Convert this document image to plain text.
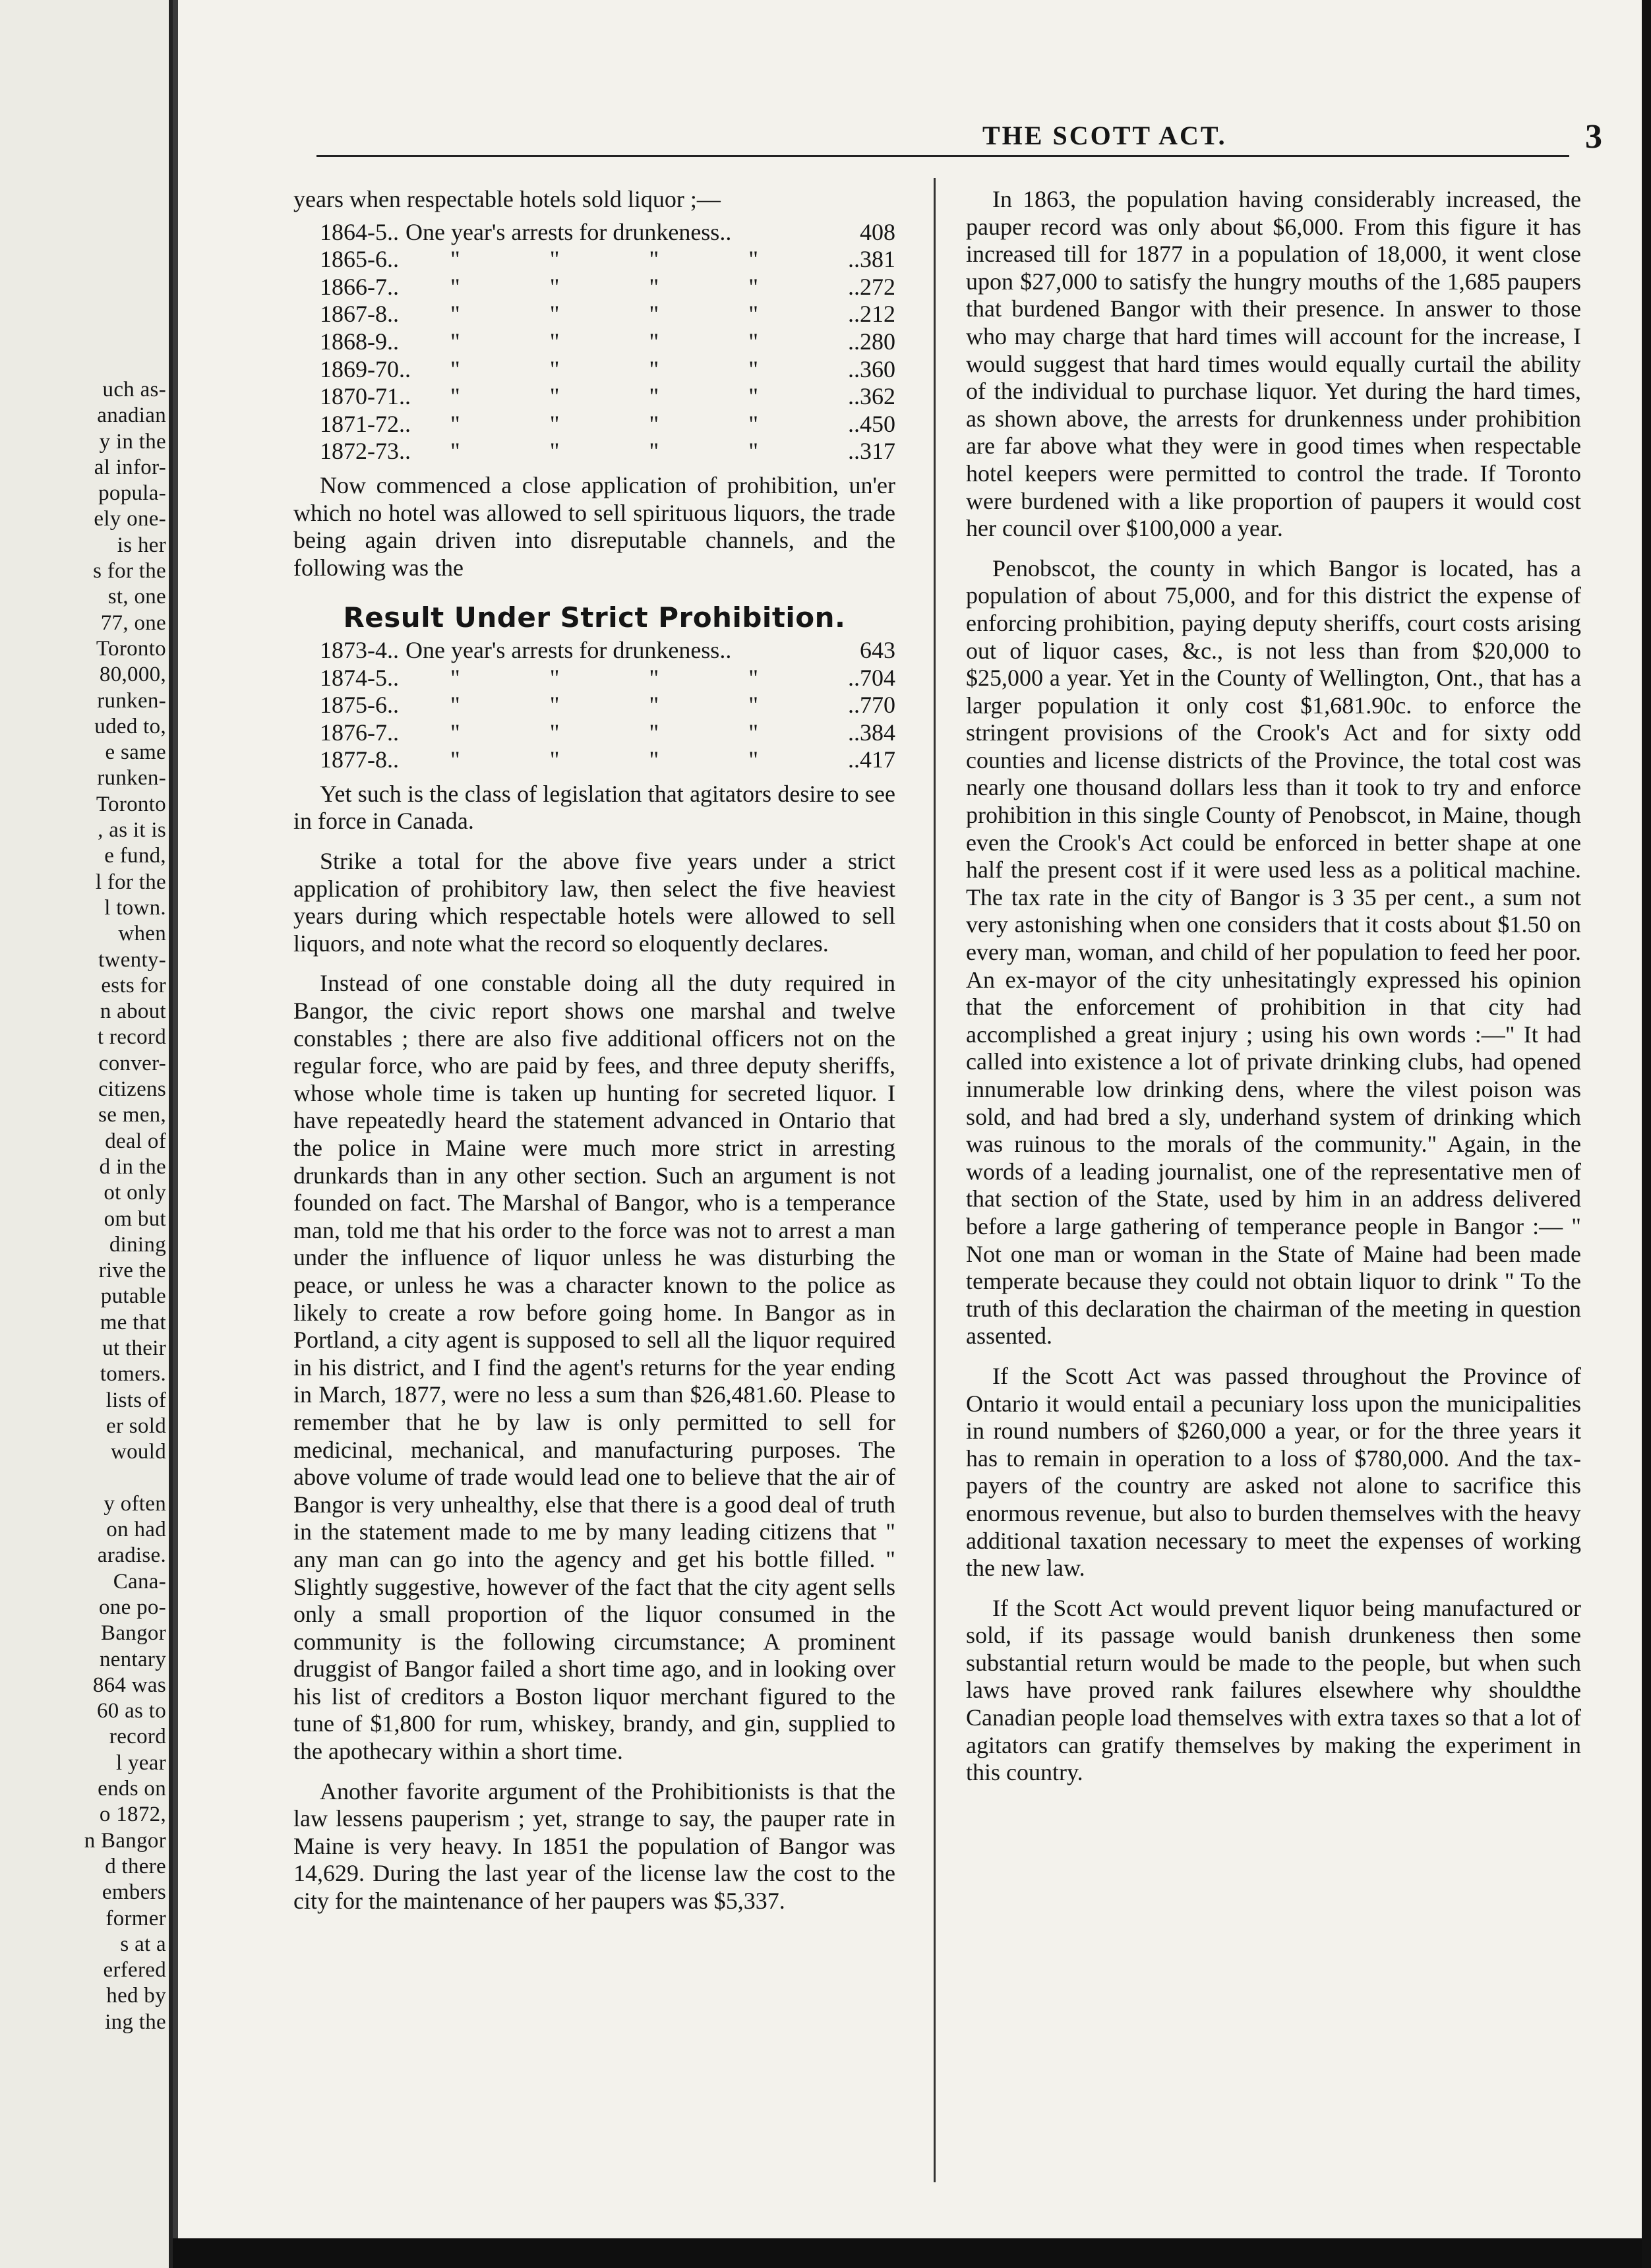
uch as-
anadian
y in the
al infor-
popula-
ely one-
is her
s for the
st, one
77, one
Toronto
80,000,
runken-
uded to,
e same
runken-
Toronto
, as it is
e fund,
l for the
l town.
when
twenty-
ests for
n about
t record
conver-
citizens
se men,
deal of
d in the
ot only
om but
dining
rive the
putable
me that
ut their
tomers.
lists of
er sold
would
y often
on had
aradise.
Cana-
one po-
Bangor
nentary
864 was
60 as to
record
l year
ends on
o 1872,
n Bangor
d there
embers
former
s at a
erfered
hed by
ing the
THE SCOTT ACT.	3

years when respectable hotels sold liquor ;—

1864-5.. One year's arrests for drunkeness..	408
1865-6..	"	"	"	"	..381
1866-7..	"	"	"	"	..272
1867-8..	"	"	"	"	..212
1868-9..	"	"	"	"	..280
1869-70..	"	"	"	"	..360
1870-71..	"	"	"	"	..362
1871-72..	"	"	"	"	..450
1872-73..	"	"	"	"	..317

Now commenced a close application of prohibition, un'er which no hotel was allowed to sell spirituous liquors, the trade being again driven into disreputable channels, and the following was the

Result Under Strict Prohibition.
1873-4.. One year's arrests for drunkeness..	643
1874-5..	"	"	"	"	..704
1875-6..	"	"	"	"	..770
1876-7..	"	"	"	"	..384
1877-8..	"	"	"	"	..417

Yet such is the class of legislation that agitators desire to see in force in Canada.

Strike a total for the above five years under a strict application of prohibitory law, then select the five heaviest years during which respectable hotels were allowed to sell liquors, and note what the record so eloquently declares.

Instead of one constable doing all the duty required in Bangor, the civic report shows one marshal and twelve constables ; there are also five additional officers not on the regular force, who are paid by fees, and three deputy sheriffs, whose whole time is taken up hunting for secreted liquor. I have repeatedly heard the statement advanced in Ontario that the police in Maine were much more strict in arresting drunkards than in any other section. Such an argument is not founded on fact. The Marshal of Bangor, who is a temperance man, told me that his order to the force was not to arrest a man under the influence of liquor unless he was disturbing the peace, or unless he was a character known to the police as likely to create a row before going home. In Bangor as in Portland, a city agent is supposed to sell all the liquor required in his district, and I find the agent's returns for the year ending in March, 1877, were no less a sum than $26,481.60. Please to remember that he by law is only permitted to sell for medicinal, mechanical, and manufacturing purposes. The above volume of trade would lead one to believe that the air of Bangor is very unhealthy, else that there is a good deal of truth in the statement made to me by many leading citizens that " any man can go into the agency and get his bottle filled. " Slightly suggestive, however of the fact that the city agent sells only a small proportion of the liquor consumed in the community is the following circumstance; A prominent druggist of Bangor failed a short time ago, and in looking over his list of creditors a Boston liquor merchant figured to the tune of $1,800 for rum, whiskey, brandy, and gin, supplied to the apothecary within a short time.

Another favorite argument of the Prohibitionists is that the law lessens pauperism ; yet, strange to say, the pauper rate in Maine is very heavy. In 1851 the population of Bangor was 14,629. During the last year of the license law the cost to the city for the maintenance of her paupers was $5,337.

In 1863, the population having considerably increased, the pauper record was only about $6,000. From this figure it has increased till for 1877 in a population of 18,000, it went close upon $27,000 to satisfy the hungry mouths of the 1,685 paupers that burdened Bangor with their presence. In answer to those who may charge that hard times will account for the increase, I would suggest that hard times would equally curtail the ability of the individual to purchase liquor. Yet during the hard times, as shown above, the arrests for drunkenness under prohibition are far above what they were in good times when respectable hotel keepers were permitted to control the trade. If Toronto were burdened with a like proportion of paupers it would cost her council over $100,000 a year.

Penobscot, the county in which Bangor is located, has a population of about 75,000, and for this district the expense of enforcing prohibition, paying deputy sheriffs, court costs arising out of liquor cases, &c., is not less than from $20,000 to $25,000 a year. Yet in the County of Wellington, Ont., that has a larger population it only cost $1,681.90c. to enforce the stringent provisions of the Crook's Act and for sixty odd counties and license districts of the Province, the total cost was nearly one thousand dollars less than it took to try and enforce prohibition in this single County of Penobscot, in Maine, though even the Crook's Act could be enforced in better shape at one half the present cost if it were used less as a political machine. The tax rate in the city of Bangor is 3 35 per cent., a sum not very astonishing when one considers that it costs about $1.50 on every man, woman, and child of her population to feed her poor. An ex-mayor of the city unhesitatingly expressed his opinion that the enforcement of prohibition in that city had accomplished a great injury ; using his own words :—" It had called into existence a lot of private drinking clubs, had opened innumerable low drinking dens, where the vilest poison was sold, and had bred a sly, underhand system of drinking which was ruinous to the morals of the community." Again, in the words of a leading journalist, one of the representative men of that section of the State, used by him in an address delivered before a large gathering of temperance people in Bangor :— " Not one man or woman in the State of Maine had been made temperate because they could not obtain liquor to drink " To the truth of this declaration the chairman of the meeting in question assented.

If the Scott Act was passed throughout the Province of Ontario it would entail a pecuniary loss upon the municipalities in round numbers of $260,000 a year, or for the three years it has to remain in operation to a loss of $780,000. And the tax-payers of the country are asked not alone to sacrifice this enormous revenue, but also to burden themselves with the heavy additional taxation necessary to meet the expenses of working the new law.

If the Scott Act would prevent liquor being manufactured or sold, if its passage would banish drunkeness then some substantial return would be made to the people, but when such laws have proved rank failures elsewhere why shouldthe Canadian people load themselves with extra taxes so that a lot of agitators can gratify themselves by making the experiment in this country.
